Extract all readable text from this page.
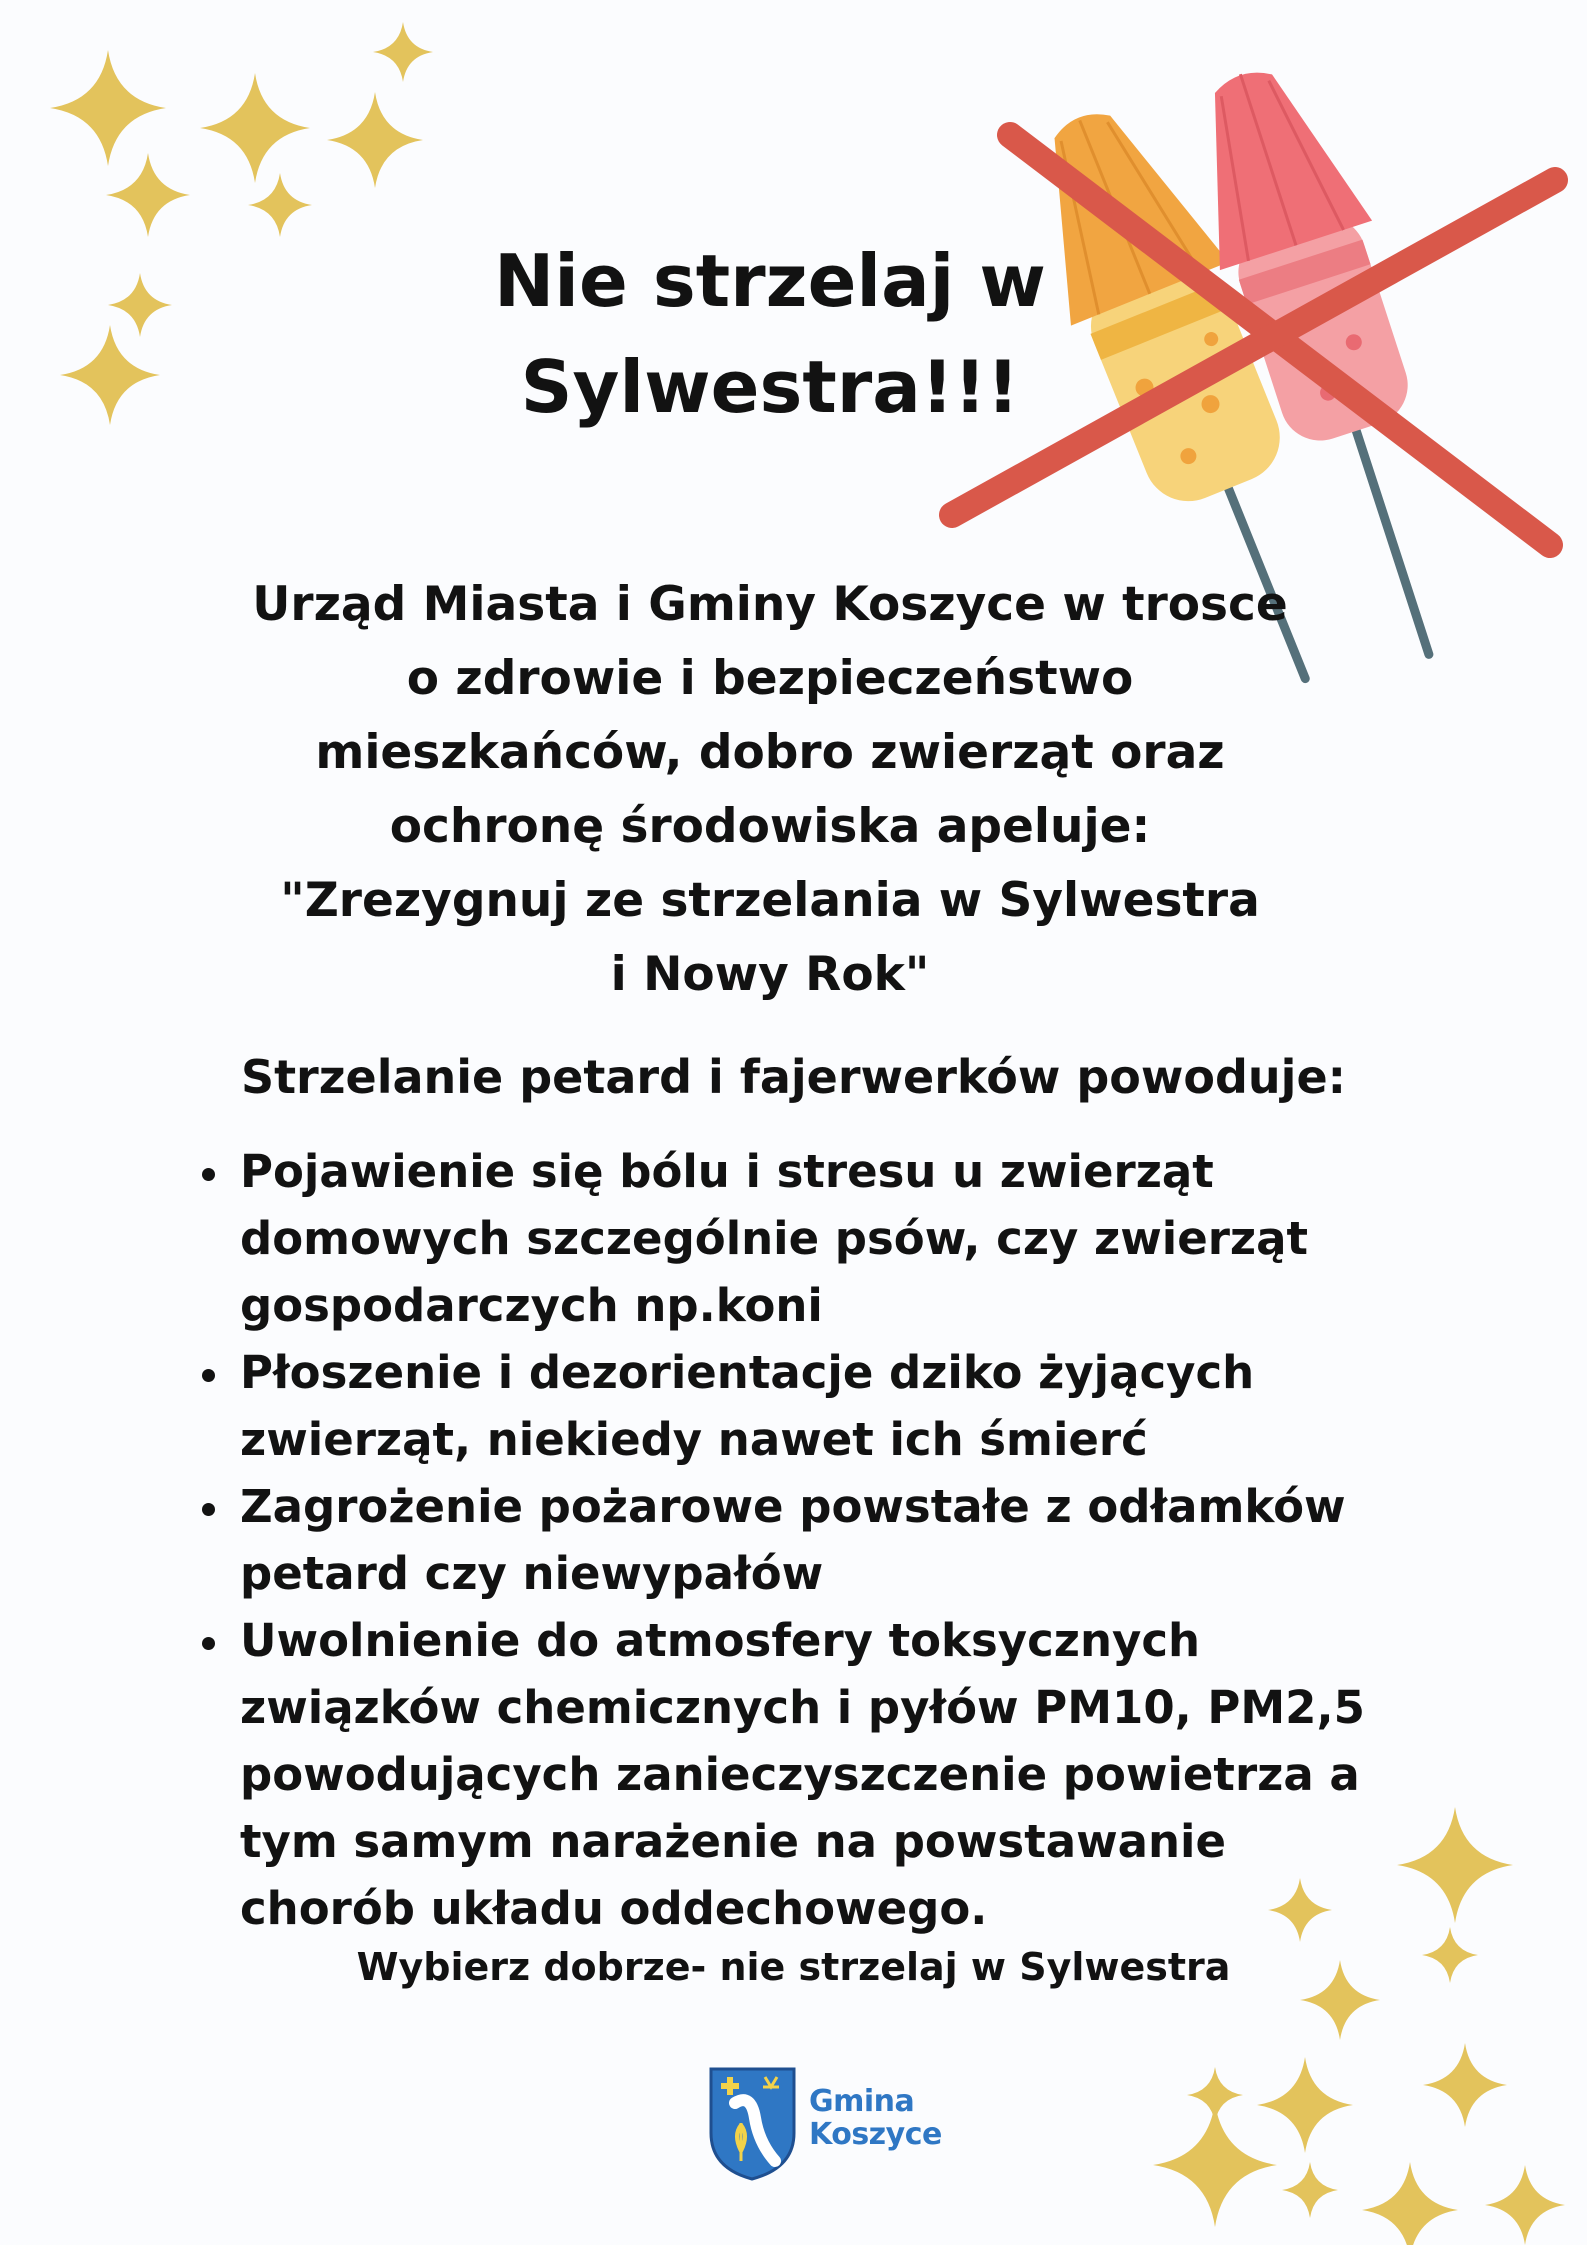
Nie strzelaj w
Sylwestra!!!

Urząd Miasta i Gminy Koszyce w trosce
o zdrowie i bezpieczeństwo
mieszkańców, dobro zwierząt oraz
ochronę środowiska apeluje:
"Zrezygnuj ze strzelania w Sylwestra
i Nowy Rok"

Strzelanie petard i fajerwerków powoduje:
Pojawienie się bólu i stresu u zwierząt
domowych szczególnie psów, czy zwierząt
gospodarczych np.koni
Płoszenie i dezorientacje dziko żyjących
zwierząt, niekiedy nawet ich śmierć
Zagrożenie pożarowe powstałe z odłamków
petard czy niewypałów
Uwolnienie do atmosfery toksycznych
związków chemicznych i pyłów PM10, PM2,5
powodujących zanieczyszczenie powietrza a
tym samym narażenie na powstawanie
chorób układu oddechowego.

Wybierz dobrze- nie strzelaj w Sylwestra

Gmina
Koszyce
